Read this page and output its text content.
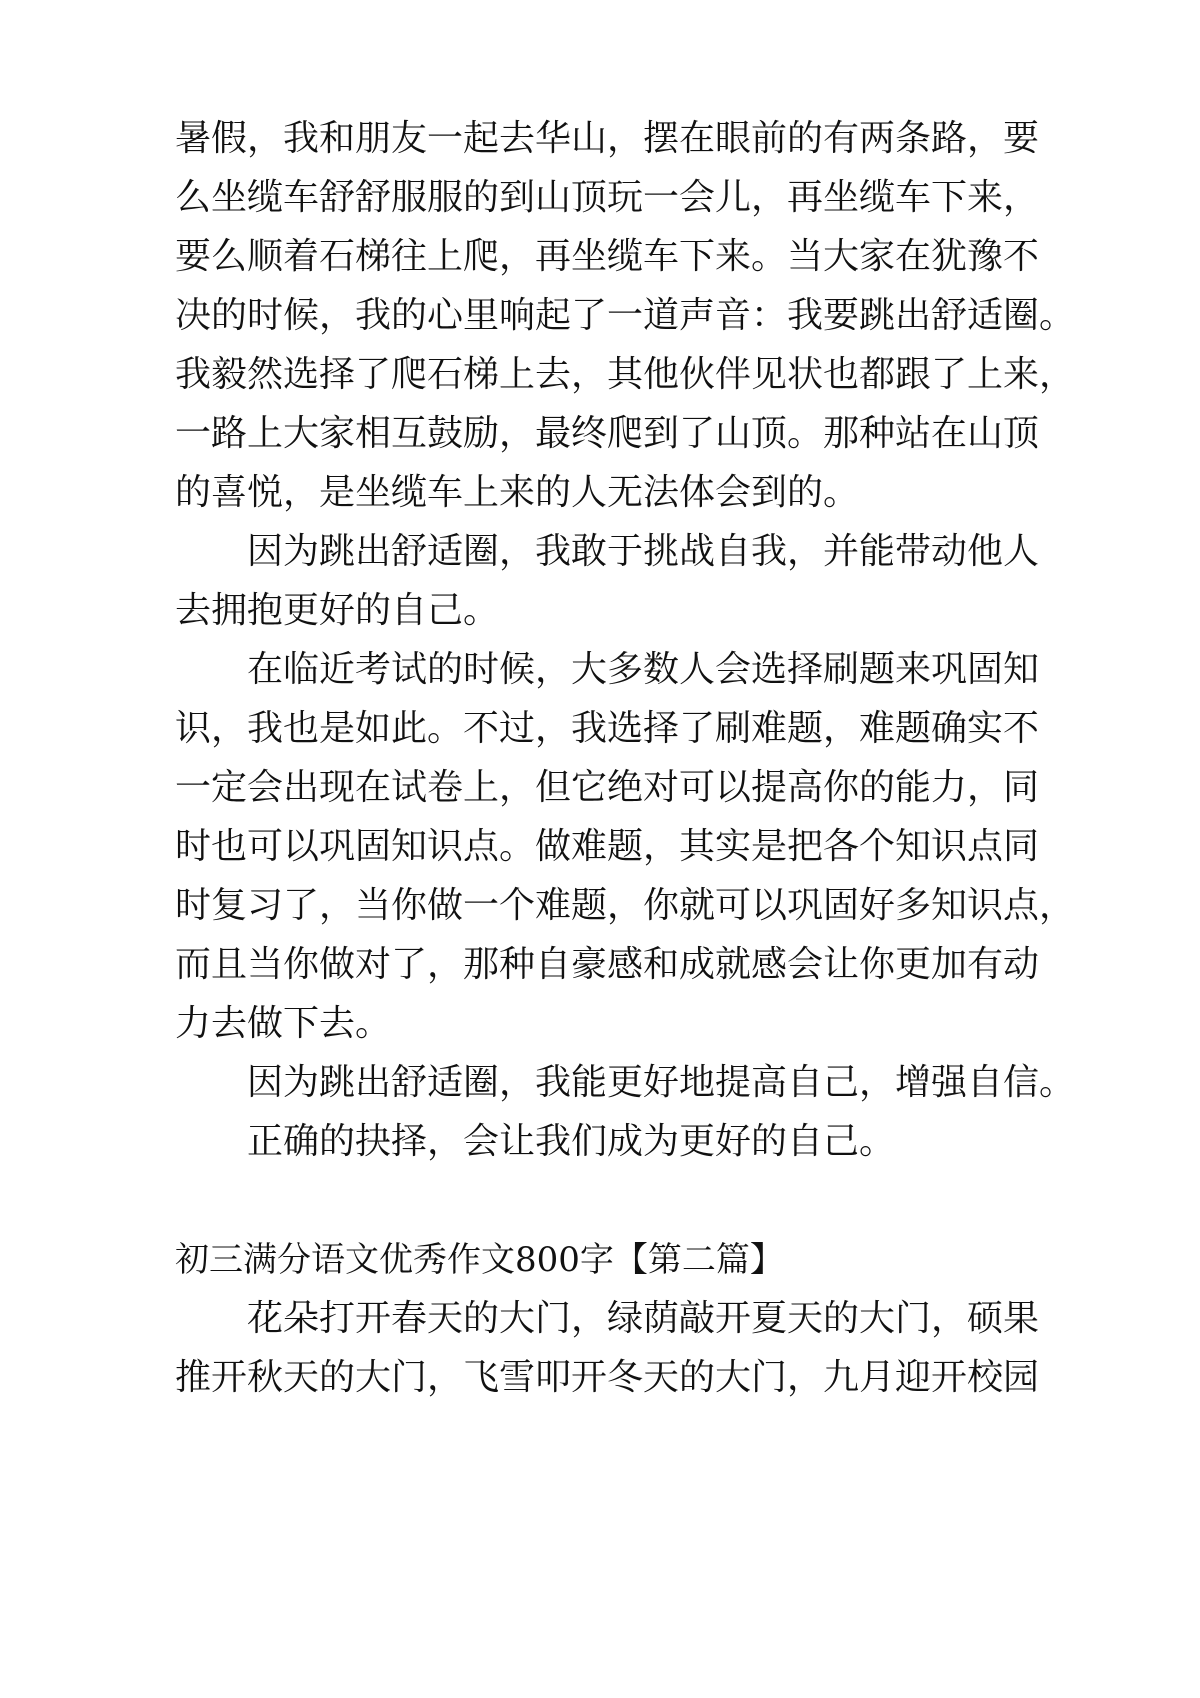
暑假，我和朋友一起去华山，摆在眼前的有两条路，要

么坐缆车舒舒服服的到山顶玩一会儿，再坐缆车下来，

要么顺着石梯往上爬，再坐缆车下来。当大家在犹豫不

决的时候，我的心里响起了一道声音：我要跳出舒适圈。

我毅然选择了爬石梯上去，其他伙伴见状也都跟了上来，

一路上大家相互鼓励，最终爬到了山顶。那种站在山顶

的喜悦，是坐缆车上来的人无法体会到的。

因为跳出舒适圈，我敢于挑战自我，并能带动他人

去拥抱更好的自己。

在临近考试的时候，大多数人会选择刷题来巩固知

识，我也是如此。不过，我选择了刷难题，难题确实不

一定会出现在试卷上，但它绝对可以提高你的能力，同

时也可以巩固知识点。做难题，其实是把各个知识点同

时复习了，当你做一个难题，你就可以巩固好多知识点，

而且当你做对了，那种自豪感和成就感会让你更加有动

力去做下去。

因为跳出舒适圈，我能更好地提高自己，增强自信。

正确的抉择，会让我们成为更好的自己。

初三满分语文优秀作文800字【第二篇】

花朵打开春天的大门，绿荫敲开夏天的大门，硕果

推开秋天的大门，飞雪叩开冬天的大门，九月迎开校园
